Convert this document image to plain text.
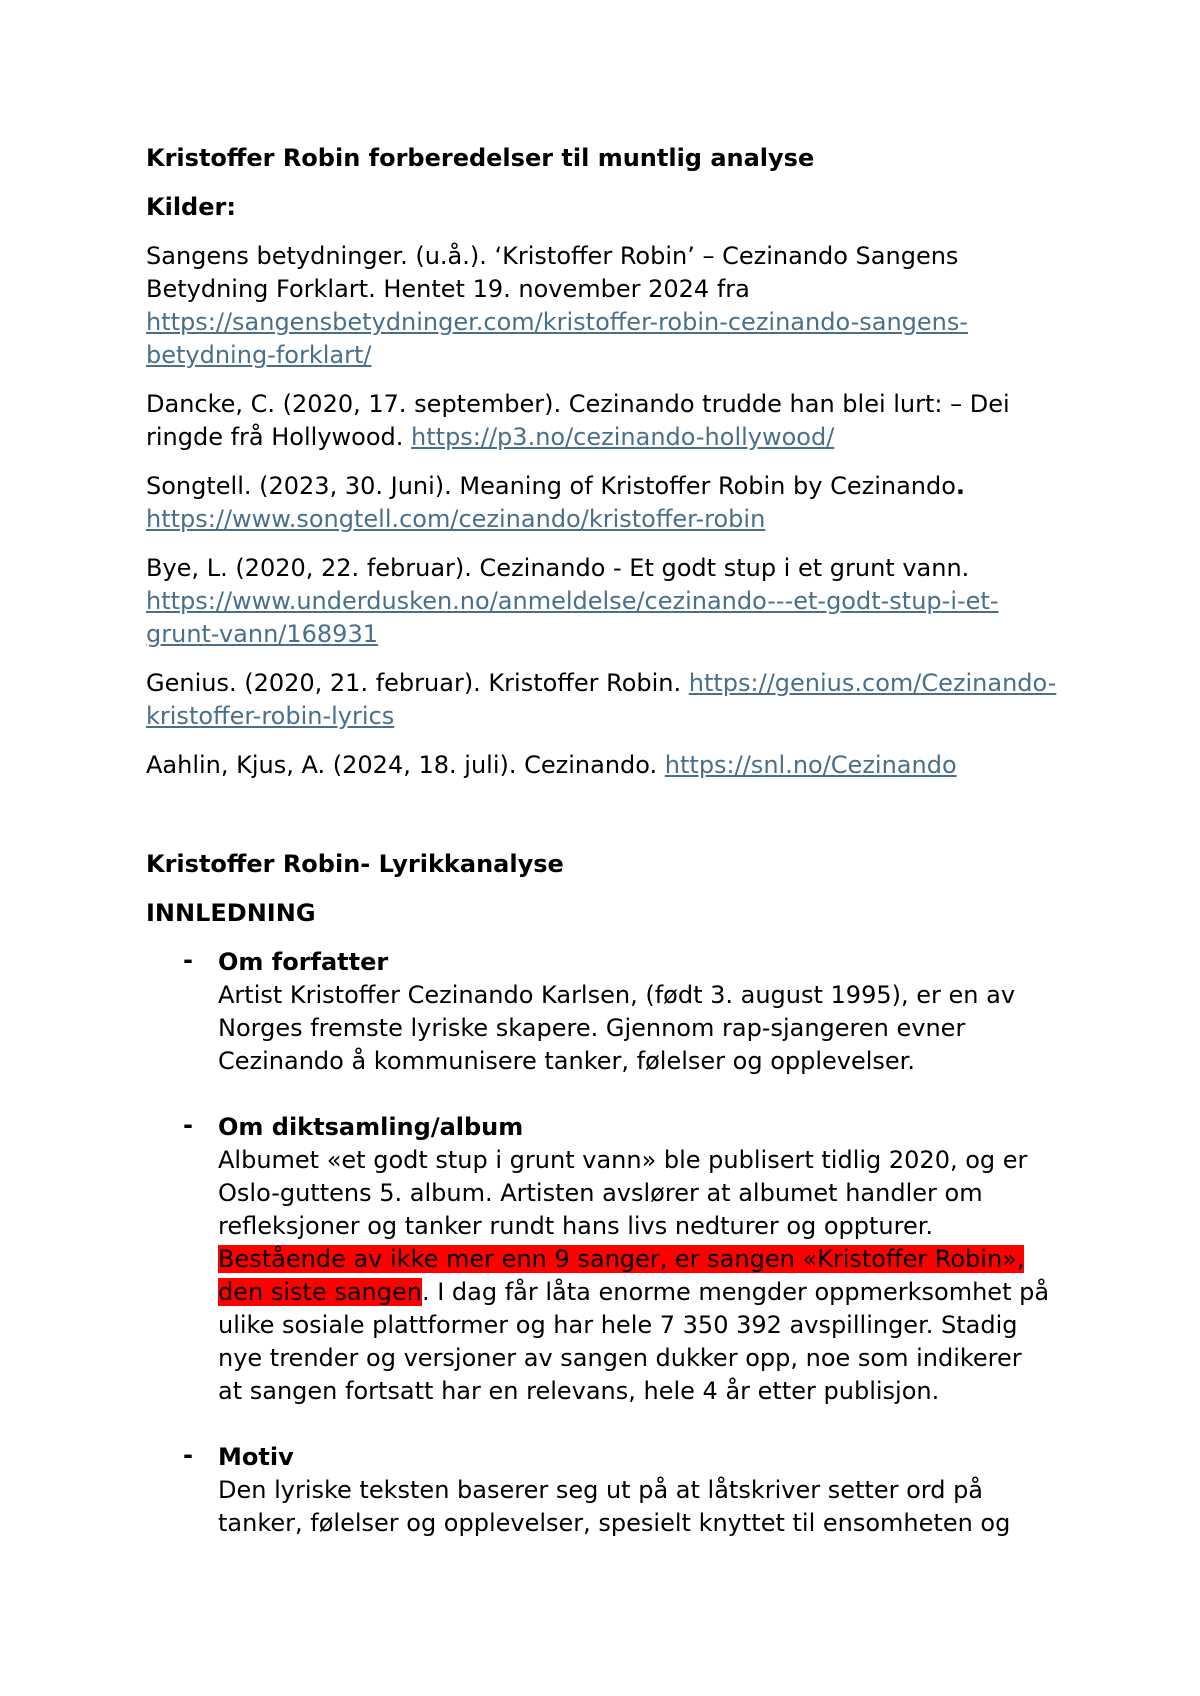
Kristoffer Robin forberedelser til muntlig analyse

Kilder:

Sangens betydninger. (u.å.). ‘Kristoffer Robin’ – Cezinando Sangens Betydning Forklart. Hentet 19. november 2024 fra https://sangensbetydninger.com/kristoffer-robin-cezinando-sangens-
betydning-forklart/

Dancke, C. (2020, 17. september). Cezinando trudde han blei lurt: – Dei ringde frå Hollywood. https://p3.no/cezinando-hollywood/

Songtell. (2023, 30. Juni). Meaning of Kristoffer Robin by Cezinando.
https://www.songtell.com/cezinando/kristoffer-robin

Bye, L. (2020, 22. februar). Cezinando - Et godt stup i et grunt vann. https://www.underdusken.no/anmeldelse/cezinando---et-godt-stup-i-et-
grunt-vann/168931

Genius. (2020, 21. februar). Kristoffer Robin. https://genius.com/Cezinando-kristoffer-robin-lyrics

Aahlin, Kjus, A. (2024, 18. juli). Cezinando. https://snl.no/Cezinando

Kristoffer Robin- Lyrikkanalyse

INNLEDNING

- Om forfatter

Artist Kristoffer Cezinando Karlsen, (født 3. august 1995), er en av

Norges fremste lyriske skapere. Gjennom rap-sjangeren evner

Cezinando å kommunisere tanker, følelser og opplevelser.

- Om diktsamling/album

Albumet «et godt stup i grunt vann» ble publisert tidlig 2020, og er

Oslo-guttens 5. album. Artisten avslører at albumet handler om

refleksjoner og tanker rundt hans livs nedturer og oppturer.

Bestående av ikke mer enn 9 sanger, er sangen «Kristoffer Robin»,

den siste sangen. I dag får låta enorme mengder oppmerksomhet på

ulike sosiale plattformer og har hele 7 350 392 avspillinger. Stadig

nye trender og versjoner av sangen dukker opp, noe som indikerer

at sangen fortsatt har en relevans, hele 4 år etter publisjon.

- Motiv

Den lyriske teksten baserer seg ut på at låtskriver setter ord på

tanker, følelser og opplevelser, spesielt knyttet til ensomheten og
